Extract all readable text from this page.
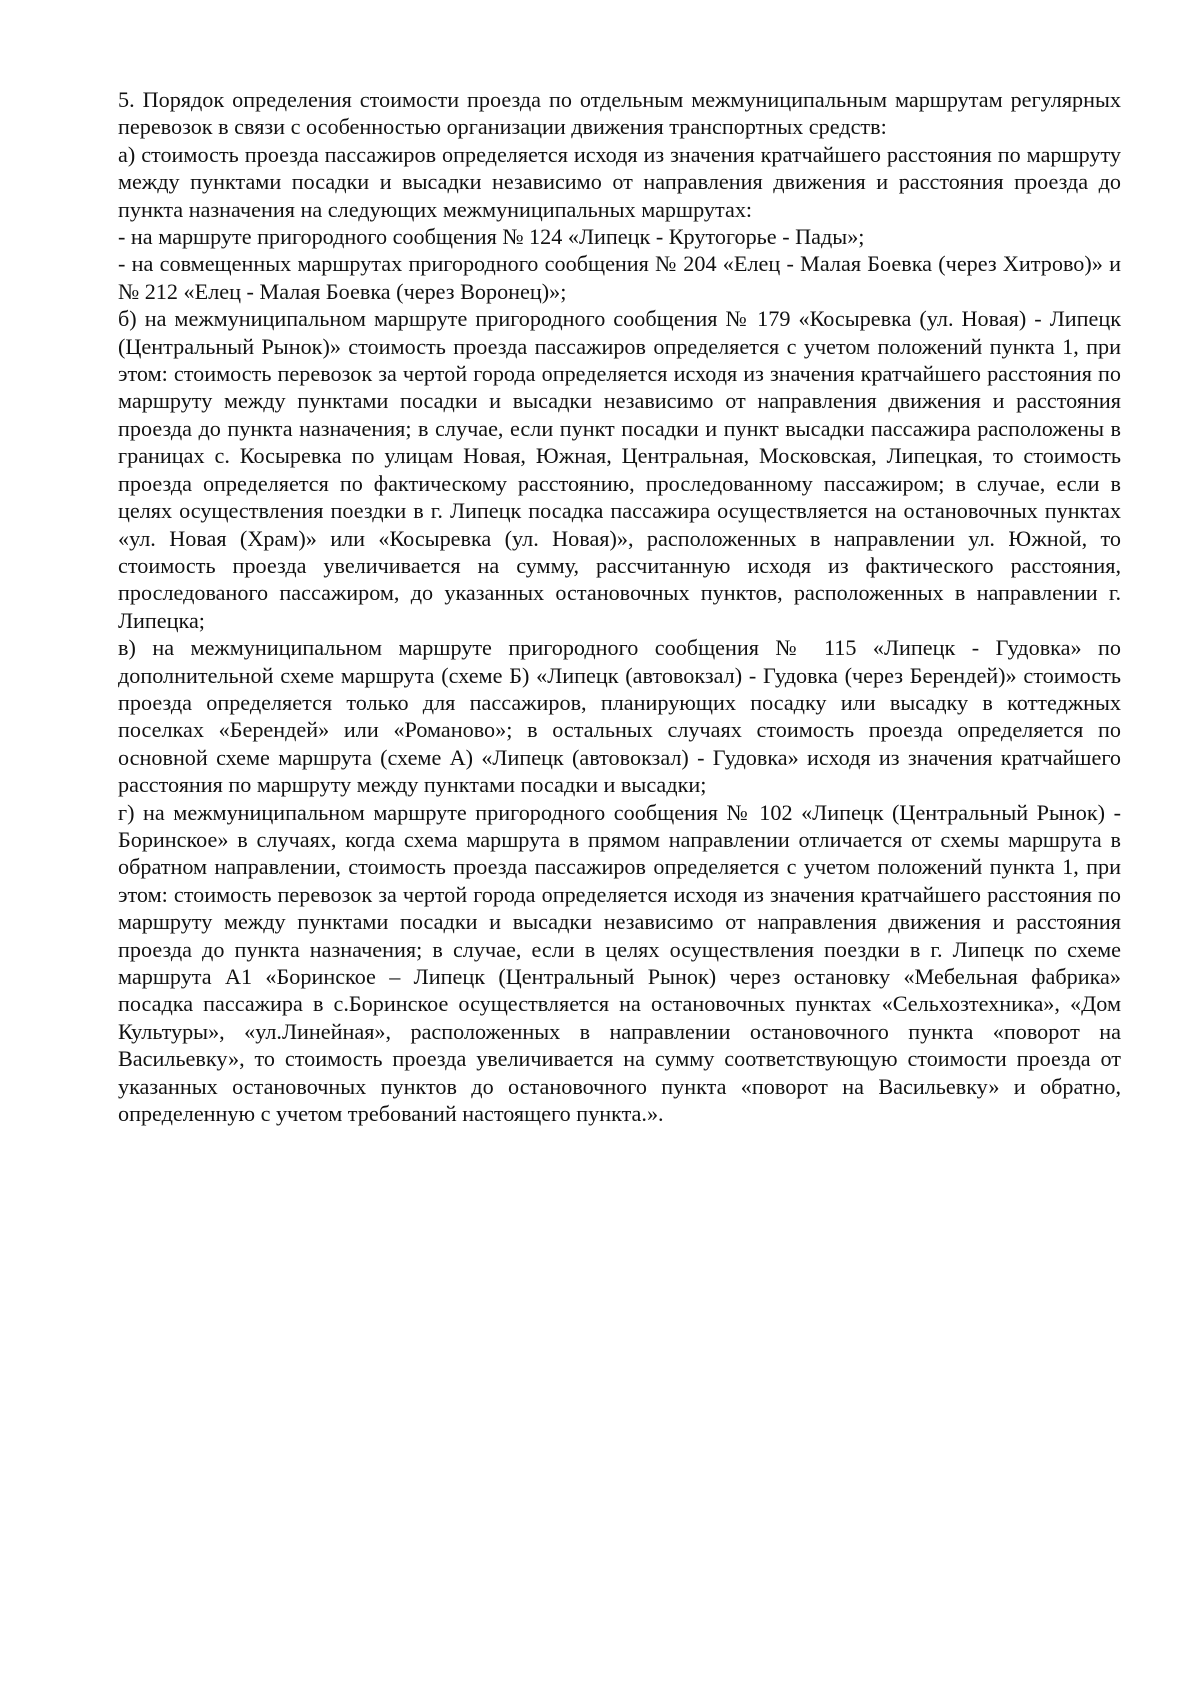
5. Порядок определения стоимости проезда по отдельным межмуниципальным маршрутам регулярных перевозок в связи с особенностью организации движения транспортных средств:

а) стоимость проезда пассажиров определяется исходя из значения кратчайшего расстояния по маршруту между пунктами посадки и высадки независимо от направления движения и расстояния проезда до пункта назначения на следующих межмуниципальных маршрутах:

- на маршруте пригородного сообщения № 124 «Липецк - Крутогорье - Пады»;

- на совмещенных маршрутах пригородного сообщения № 204 «Елец - Малая Боевка (через Хитрово)» и № 212 «Елец - Малая Боевка (через Воронец)»;

б) на межмуниципальном маршруте пригородного сообщения № 179 «Косыревка (ул. Новая) - Липецк (Центральный Рынок)» стоимость проезда пассажиров определяется с учетом положений пункта 1, при этом: стоимость перевозок за чертой города определяется исходя из значения кратчайшего расстояния по маршруту между пунктами посадки и высадки независимо от направления движения и расстояния проезда до пункта назначения; в случае, если пункт посадки и пункт высадки пассажира расположены в границах с. Косыревка по улицам Новая, Южная, Центральная, Московская, Липецкая, то стоимость проезда определяется по фактическому расстоянию, проследованному пассажиром; в случае, если в целях осуществления поездки в г. Липецк посадка пассажира осуществляется на остановочных пунктах «ул. Новая (Храм)» или «Косыревка (ул. Новая)», расположенных в направлении ул. Южной, то стоимость проезда увеличивается на сумму, рассчитанную исходя из фактического расстояния, проследованого пассажиром, до указанных остановочных пунктов, расположенных в направлении г. Липецка;

в) на межмуниципальном маршруте пригородного сообщения № 115 «Липецк - Гудовка» по дополнительной схеме маршрута (схеме Б) «Липецк (автовокзал) - Гудовка (через Берендей)» стоимость проезда определяется только для пассажиров, планирующих посадку или высадку в коттеджных поселках «Берендей» или «Романово»; в остальных случаях стоимость проезда определяется по основной схеме маршрута (схеме А) «Липецк (автовокзал) - Гудовка» исходя из значения кратчайшего расстояния по маршруту между пунктами посадки и высадки;

г) на межмуниципальном маршруте пригородного сообщения № 102 «Липецк (Центральный Рынок) - Боринское» в случаях, когда схема маршрута в прямом направлении отличается от схемы маршрута в обратном направлении, стоимость проезда пассажиров определяется с учетом положений пункта 1, при этом: стоимость перевозок за чертой города определяется исходя из значения кратчайшего расстояния по маршруту между пунктами посадки и высадки независимо от направления движения и расстояния проезда до пункта назначения; в случае, если в целях осуществления поездки в г. Липецк по схеме маршрута А1 «Боринское – Липецк (Центральный Рынок) через остановку «Мебельная фабрика» посадка пассажира в с.Боринское осуществляется на остановочных пунктах «Сельхозтехника», «Дом Культуры», «ул.Линейная», расположенных в направлении остановочного пункта «поворот на Васильевку», то стоимость проезда увеличивается на сумму соответствующую стоимости проезда от указанных остановочных пунктов до остановочного пункта «поворот на Васильевку» и обратно, определенную с учетом требований настоящего пункта.».
